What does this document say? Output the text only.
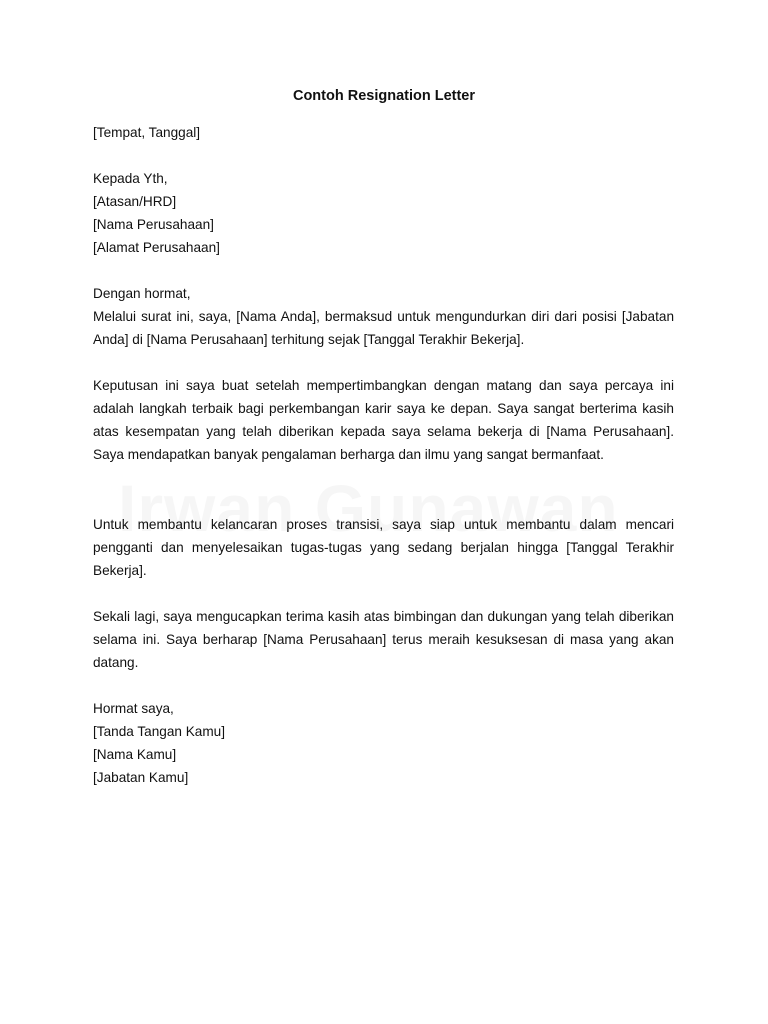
Contoh Resignation Letter

[Tempat, Tanggal]

Kepada Yth,
[Atasan/HRD]
[Nama Perusahaan]
[Alamat Perusahaan]

Dengan hormat,

Melalui surat ini, saya, [Nama Anda], bermaksud untuk mengundurkan diri dari posisi [Jabatan Anda] di [Nama Perusahaan] terhitung sejak [Tanggal Terakhir Bekerja].

Keputusan ini saya buat setelah mempertimbangkan dengan matang dan saya percaya ini adalah langkah terbaik bagi perkembangan karir saya ke depan. Saya sangat berterima kasih atas kesempatan yang telah diberikan kepada saya selama bekerja di [Nama Perusahaan]. Saya mendapatkan banyak pengalaman berharga dan ilmu yang sangat bermanfaat.

Untuk membantu kelancaran proses transisi, saya siap untuk membantu dalam mencari pengganti dan menyelesaikan tugas-tugas yang sedang berjalan hingga [Tanggal Terakhir Bekerja].

Sekali lagi, saya mengucapkan terima kasih atas bimbingan dan dukungan yang telah diberikan selama ini. Saya berharap [Nama Perusahaan] terus meraih kesuksesan di masa yang akan datang.

Hormat saya,
[Tanda Tangan Kamu]
[Nama Kamu]
[Jabatan Kamu]
